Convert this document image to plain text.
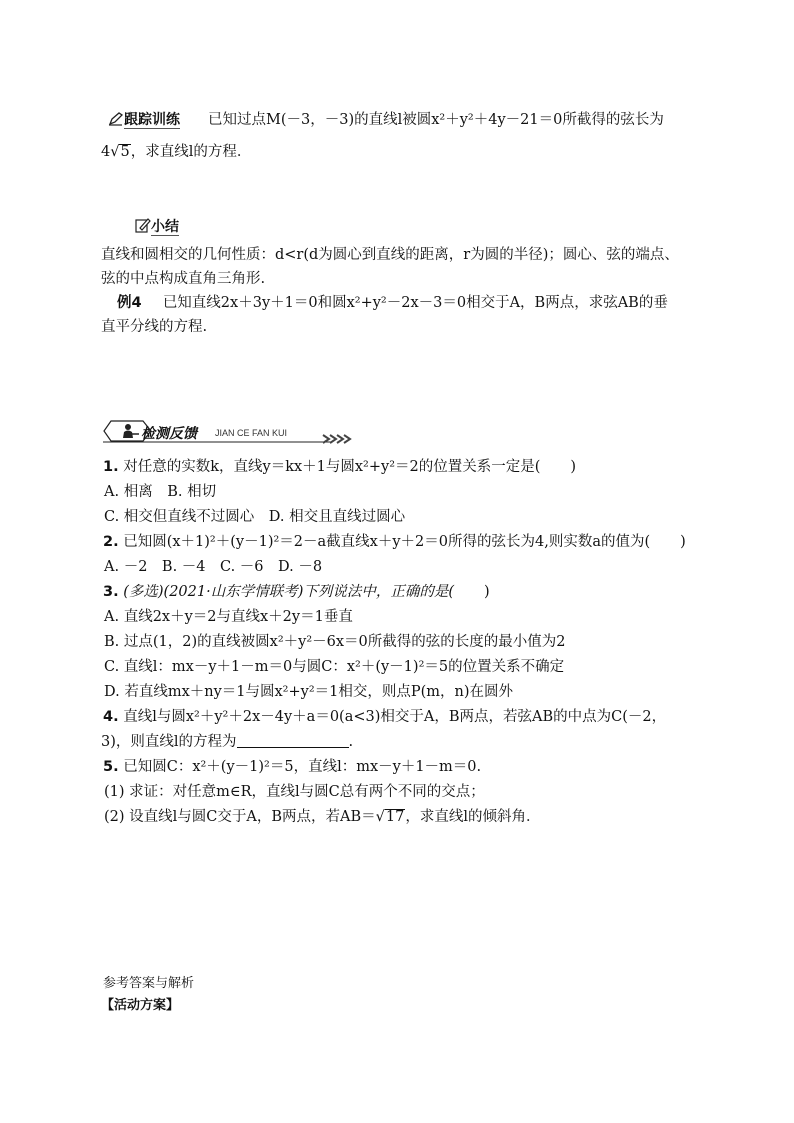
跟踪训练 已知过点M(－3，－3)的直线l被圆x²＋y²＋4y－21＝0所截得的弦长为
4√5，求直线l的方程．
小结
直线和圆相交的几何性质：d<r(d为圆心到直线的距离，r为圆的半径)；圆心、弦的端点、
弦的中点构成直角三角形.
例4 已知直线2x＋3y＋1＝0和圆x²+y²－2x－3＝0相交于A，B两点，求弦AB的垂
直平分线的方程.
检测反馈 JIAN CE FAN KUI
1. 对任意的实数k，直线y＝kx＋1与圆x²+y²＝2的位置关系一定是( )
A. 相离　B. 相切
C. 相交但直线不过圆心　D. 相交且直线过圆心
2. 已知圆(x＋1)²＋(y－1)²＝2－a截直线x＋y＋2＝0所得的弦长为4,则实数a的值为( )
A. －2　B. －4　C. －6　D. －8
3. (多选)(2021·山东学情联考)下列说法中，正确的是( )
A. 直线2x＋y＝2与直线x＋2y＝1垂直
B. 过点(1，2)的直线被圆x²＋y²－6x＝0所截得的弦的长度的最小值为2
C. 直线l：mx－y＋1－m＝0与圆C：x²＋(y－1)²＝5的位置关系不确定
D. 若直线mx＋ny＝1与圆x²+y²＝1相交，则点P(m，n)在圆外
4. 直线l与圆x²＋y²＋2x－4y＋a＝0(a<3)相交于A，B两点，若弦AB的中点为C(－2，
3)，则直线l的方程为	.
5. 已知圆C：x²＋(y－1)²＝5，直线l：mx－y＋1－m＝0.
(1) 求证：对任意m∈R，直线l与圆C总有两个不同的交点；
(2) 设直线l与圆C交于A，B两点，若AB＝√17，求直线l的倾斜角．
参考答案与解析
【活动方案】
